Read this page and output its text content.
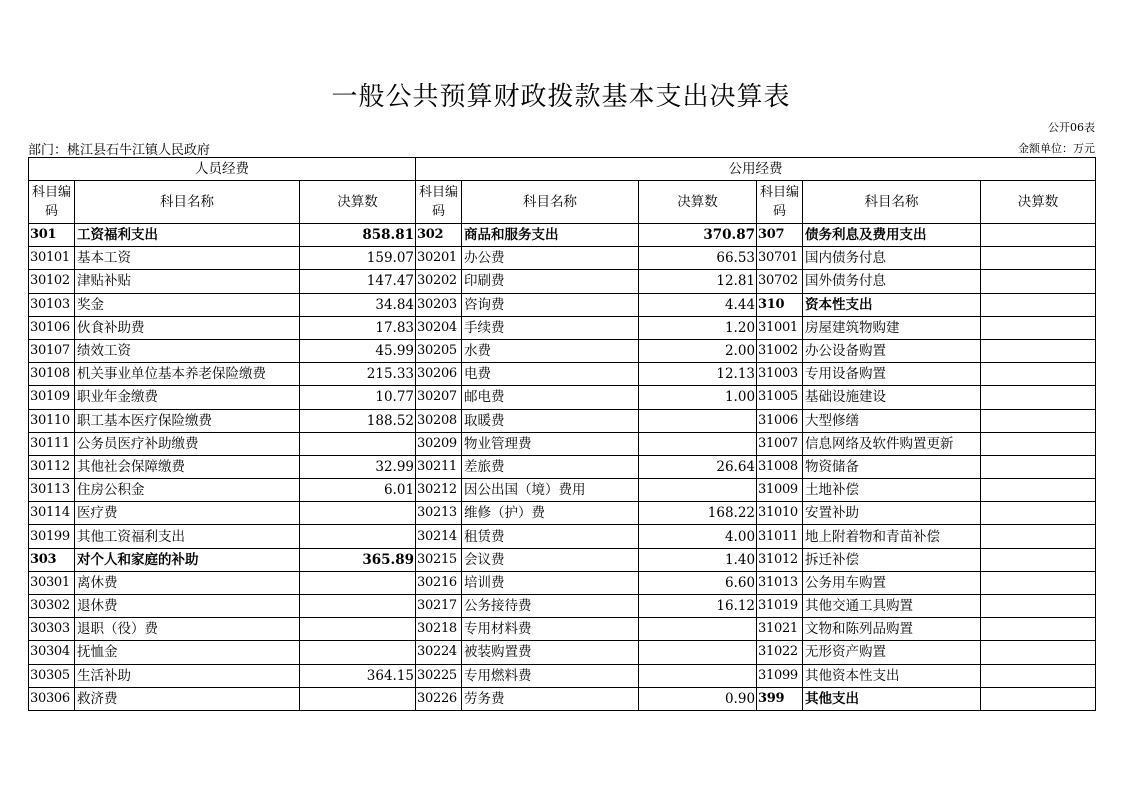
一般公共预算财政拨款基本支出决算表
公开06表
部门：桃江县石牛江镇人民政府	金额单位：万元
人员经费			公用经费					
科目编码	科目名称	决算数	科目编码	科目名称	决算数	科目编码	科目名称	决算数
301	工资福利支出	858.81	302	商品和服务支出	370.87	307	债务利息及费用支出	
30101	基本工资	159.07	30201	办公费	66.53	30701	国内债务付息	
30102	津贴补贴	147.47	30202	印刷费	12.81	30702	国外债务付息	
30103	奖金	34.84	30203	咨询费	4.44	310	资本性支出	
30106	伙食补助费	17.83	30204	手续费	1.20	31001	房屋建筑物购建	
30107	绩效工资	45.99	30205	水费	2.00	31002	办公设备购置	
30108	机关事业单位基本养老保险缴费	215.33	30206	电费	12.13	31003	专用设备购置	
30109	职业年金缴费	10.77	30207	邮电费	1.00	31005	基础设施建设	
30110	职工基本医疗保险缴费	188.52	30208	取暖费		31006	大型修缮	
30111	公务员医疗补助缴费		30209	物业管理费		31007	信息网络及软件购置更新	
30112	其他社会保障缴费	32.99	30211	差旅费	26.64	31008	物资储备	
30113	住房公积金	6.01	30212	因公出国（境）费用		31009	土地补偿	
30114	医疗费		30213	维修（护）费	168.22	31010	安置补助	
30199	其他工资福利支出		30214	租赁费	4.00	31011	地上附着物和青苗补偿	
303	对个人和家庭的补助	365.89	30215	会议费	1.40	31012	拆迁补偿	
30301	离休费		30216	培训费	6.60	31013	公务用车购置	
30302	退休费		30217	公务接待费	16.12	31019	其他交通工具购置	
30303	退职（役）费		30218	专用材料费		31021	文物和陈列品购置	
30304	抚恤金		30224	被装购置费		31022	无形资产购置	
30305	生活补助	364.15	30225	专用燃料费		31099	其他资本性支出	
30306	救济费		30226	劳务费	0.90	399	其他支出	
